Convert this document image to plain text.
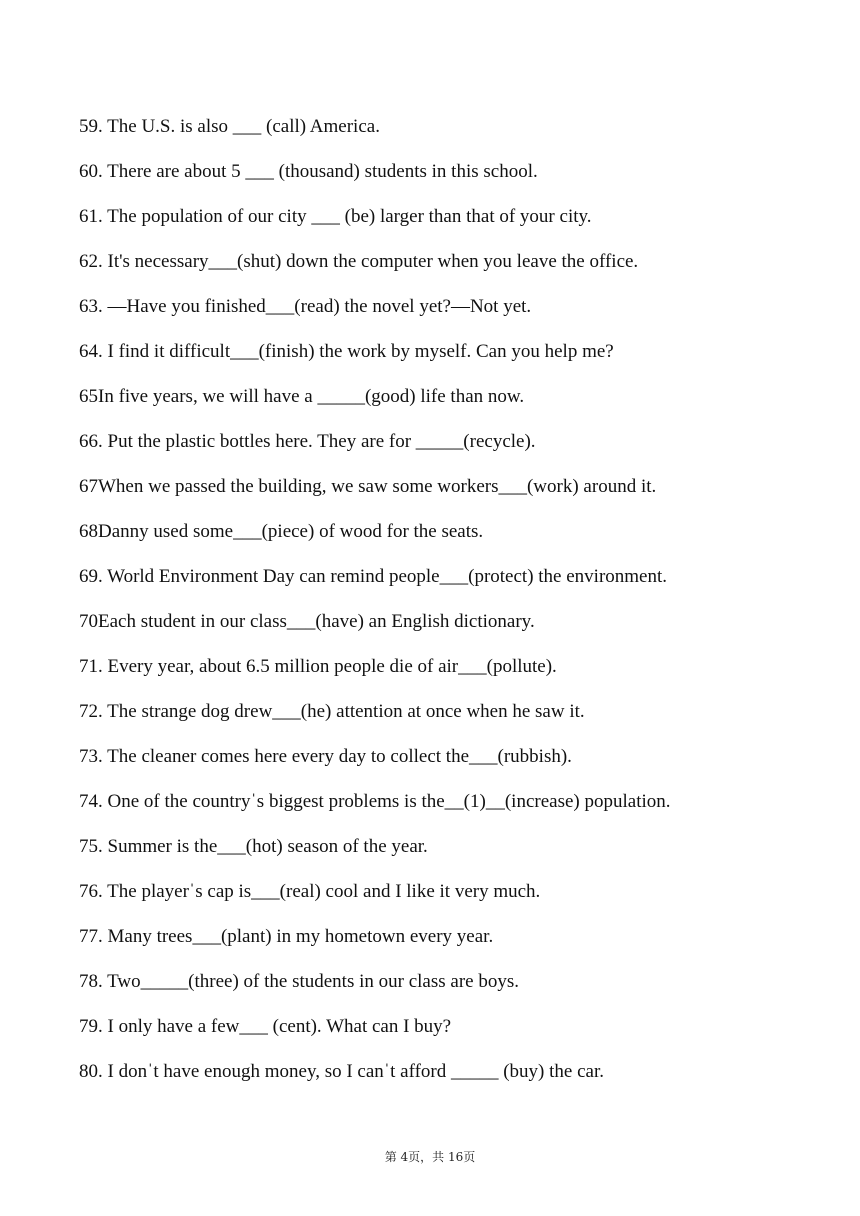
59. The U.S. is also ___ (call) America.
60. There are about 5 ___ (thousand) students in this school.
61. The population of our city ___ (be) larger than that of your city.
62. It's necessary___(shut) down the computer when you leave the office.
63. —Have you finished___(read) the novel yet?—Not yet.
64. I find it difficult___(finish) the work by myself. Can you help me?
65In five years, we will have a _____(good) life than now.
66. Put the plastic bottles here. They are for _____(recycle).
67When we passed the building, we saw some workers___(work) around it.
68Danny used some___(piece) of wood for the seats.
69. World Environment Day can remind people___(protect) the environment.
70Each student in our class___(have) an English dictionary.
71. Every year, about 6.5 million people die of air___(pollute).
72. The strange dog drew___(he) attention at once when he saw it.
73. The cleaner comes here every day to collect the___(rubbish).
74. One of the countryˈs biggest problems is the__(1)__(increase) population.
75. Summer is the___(hot) season of the year.
76. The playerˈs cap is___(real) cool and I like it very much.
77. Many trees___(plant) in my hometown every year.
78. Two_____(three) of the students in our class are boys.
79. I only have a few___ (cent). What can I buy?
80. I donˈt have enough money, so I canˈt afford _____ (buy) the car.
第 4页，共 16页
